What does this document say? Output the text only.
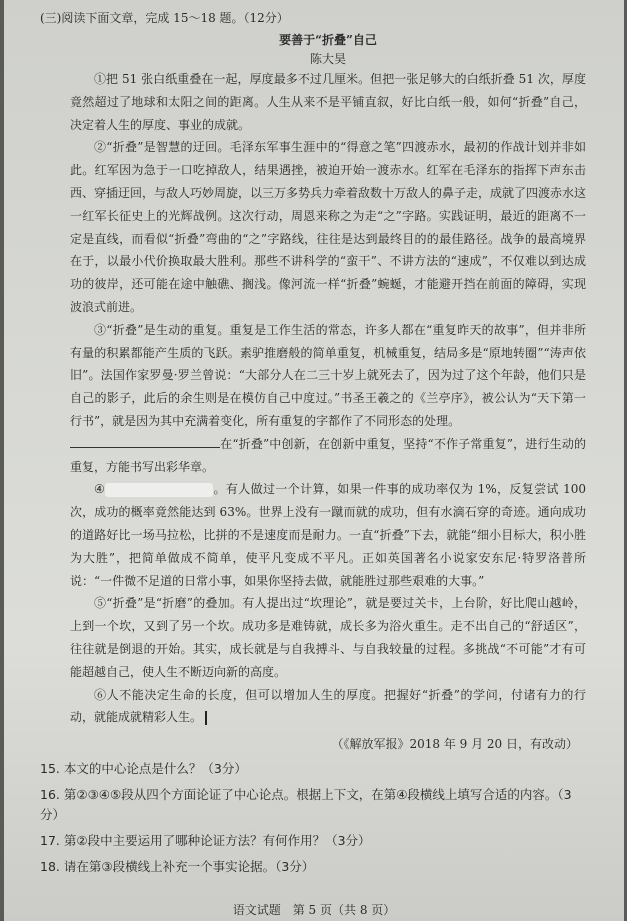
(三)阅读下面文章，完成 15～18 题。（12分）
要善于“折叠”自己
陈大昊

①把 51 张白纸重叠在一起，厚度最多不过几厘米。但把一张足够大的白纸折叠 51 次，厚度竟然超过了地球和太阳之间的距离。人生从来不是平铺直叙，好比白纸一般，如何“折叠”自己，决定着人生的厚度、事业的成就。

②“折叠”是智慧的迂回。毛泽东军事生涯中的“得意之笔”四渡赤水，最初的作战计划并非如此。红军因为急于一口吃掉敌人，结果遇挫，被迫开始一渡赤水。红军在毛泽东的指挥下声东击西、穿插迂回，与敌人巧妙周旋，以三万多势兵力牵着敌数十万敌人的鼻子走，成就了四渡赤水这一红军长征史上的光辉战例。这次行动，周恩来称之为走“之”字路。实践证明，最近的距离不一定是直线，而看似“折叠”弯曲的“之”字路线，往往是达到最终目的的最佳路径。战争的最高境界在于，以最小代价换取最大胜利。那些不讲科学的“蛮干”、不讲方法的“速成”，不仅难以到达成功的彼岸，还可能在途中触礁、搁浅。像河流一样“折叠”蜿蜒，才能避开挡在前面的障碍，实现波浪式前进。

③“折叠”是生动的重复。重复是工作生活的常态，许多人都在“重复昨天的故事”，但并非所有量的积累都能产生质的飞跃。素驴推磨般的简单重复，机械重复，结局多是“原地转圈”“涛声依旧”。法国作家罗曼·罗兰曾说：“大部分人在二三十岁上就死去了，因为过了这个年龄，他们只是自己的影子，此后的余生则是在模仿自己中度过。”书圣王羲之的《兰亭序》，被公认为“天下第一行书”，就是因为其中充满着变化，所有重复的字都作了不同形态的处理。

在“折叠”中创新，在创新中重复，坚持“不作子常重复”，进行生动的重复，方能书写出彩华章。

④	。有人做过一个计算，如果一件事的成功率仅为 1%，反复尝试 100 次，成功的概率竟然能达到 63%。世界上没有一蹴而就的成功，但有水滴石穿的奇迹。通向成功的道路好比一场马拉松，比拼的不是速度而是耐力。一直“折叠”下去，就能“细小目标大，积小胜为大胜”，把简单做成不简单，使平凡变成不平凡。正如英国著名小说家安东尼·特罗洛普所说：“一件微不足道的日常小事，如果你坚持去做，就能胜过那些艰难的大事。”

⑤“折叠”是“折磨”的叠加。有人提出过“坎理论”，就是要过关卡，上台阶，好比爬山越岭，上到一个坎，又到了另一个坎。成功多是难铸就，成长多为浴火重生。走不出自己的“舒适区”，往往就是倒退的开始。其实，成长就是与自我搏斗、与自我较量的过程。多挑战“不可能”才有可能超越自己，使人生不断迈向新的高度。

⑥人不能决定生命的长度，但可以增加人生的厚度。把握好“折叠”的学问，付诸有力的行动，就能成就精彩人生。

（《解放军报》2018 年 9 月 20 日，有改动）
15. 本文的中心论点是什么？（3分）
16. 第②③④⑤段从四个方面论证了中心论点。根据上下文，在第④段横线上填写合适的内容。（3分）
17. 第②段中主要运用了哪种论证方法？有何作用？（3分）
18. 请在第③段横线上补充一个事实论据。（3分）
语文试题　第 5 页（共 8 页）
